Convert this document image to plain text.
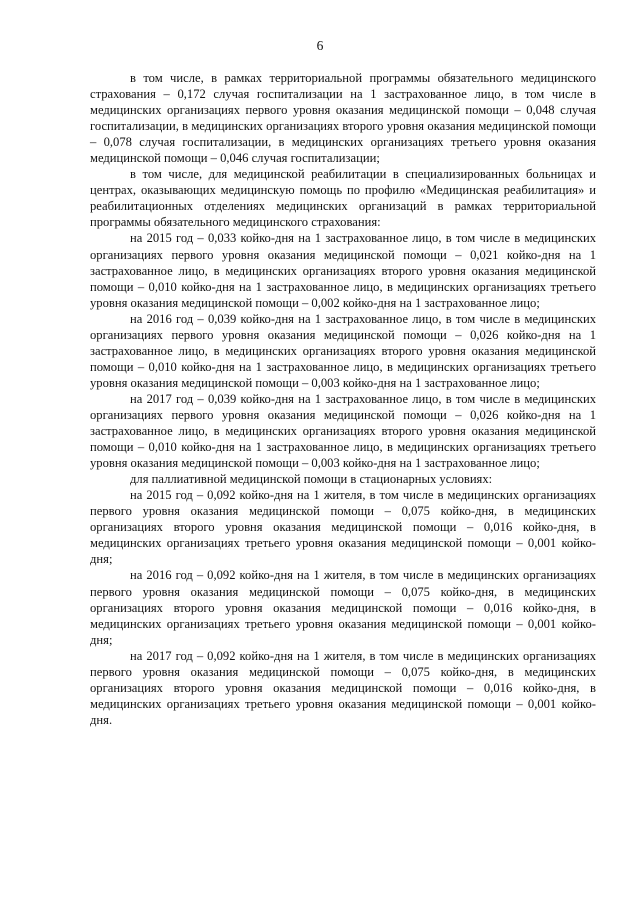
6

в том числе, в рамках территориальной программы обязательного медицинского страхования – 0,172 случая госпитализации на 1 застрахованное лицо, в том числе в медицинских организациях первого уровня оказания медицинской помощи – 0,048 случая госпитализации, в медицинских организациях второго уровня оказания медицинской помощи – 0,078 случая госпитализации, в медицинских организациях третьего уровня оказания медицинской помощи – 0,046 случая госпитализации;

в том числе, для медицинской реабилитации в специализированных больницах и центрах, оказывающих медицинскую помощь по профилю «Медицинская реабилитация» и реабилитационных отделениях медицинских организаций в рамках территориальной программы обязательного медицинского страхования:

на 2015 год – 0,033 койко-дня на 1 застрахованное лицо, в том числе в медицинских организациях первого уровня оказания медицинской помощи – 0,021 койко-дня на 1 застрахованное лицо, в медицинских организациях второго уровня оказания медицинской помощи – 0,010 койко-дня на 1 застрахованное лицо, в медицинских организациях третьего уровня оказания медицинской помощи – 0,002 койко-дня на 1 застрахованное лицо;

на 2016 год – 0,039 койко-дня на 1 застрахованное лицо, в том числе в медицинских организациях первого уровня оказания медицинской помощи – 0,026 койко-дня на 1 застрахованное лицо, в медицинских организациях второго уровня оказания медицинской помощи – 0,010 койко-дня на 1 застрахованное лицо, в медицинских организациях третьего уровня оказания медицинской помощи – 0,003 койко-дня на 1 застрахованное лицо;

на 2017 год – 0,039 койко-дня на 1 застрахованное лицо, в том числе в медицинских организациях первого уровня оказания медицинской помощи – 0,026 койко-дня на 1 застрахованное лицо, в медицинских организациях второго уровня оказания медицинской помощи – 0,010 койко-дня на 1 застрахованное лицо, в медицинских организациях третьего уровня оказания медицинской помощи – 0,003 койко-дня на 1 застрахованное лицо;

для паллиативной медицинской помощи в стационарных условиях:

на 2015 год – 0,092 койко-дня на 1 жителя, в том числе в медицинских организациях первого уровня оказания медицинской помощи – 0,075 койко-дня, в медицинских организациях второго уровня оказания медицинской помощи – 0,016 койко-дня, в медицинских организациях третьего уровня оказания медицинской помощи – 0,001 койко-дня;

на 2016 год – 0,092 койко-дня на 1 жителя, в том числе в медицинских организациях первого уровня оказания медицинской помощи – 0,075 койко-дня, в медицинских организациях второго уровня оказания медицинской помощи – 0,016 койко-дня, в медицинских организациях третьего уровня оказания медицинской помощи – 0,001 койко-дня;

на 2017 год – 0,092 койко-дня на 1 жителя, в том числе в медицинских организациях первого уровня оказания медицинской помощи – 0,075 койко-дня, в медицинских организациях второго уровня оказания медицинской помощи – 0,016 койко-дня, в медицинских организациях третьего уровня оказания медицинской помощи – 0,001 койко-дня.
